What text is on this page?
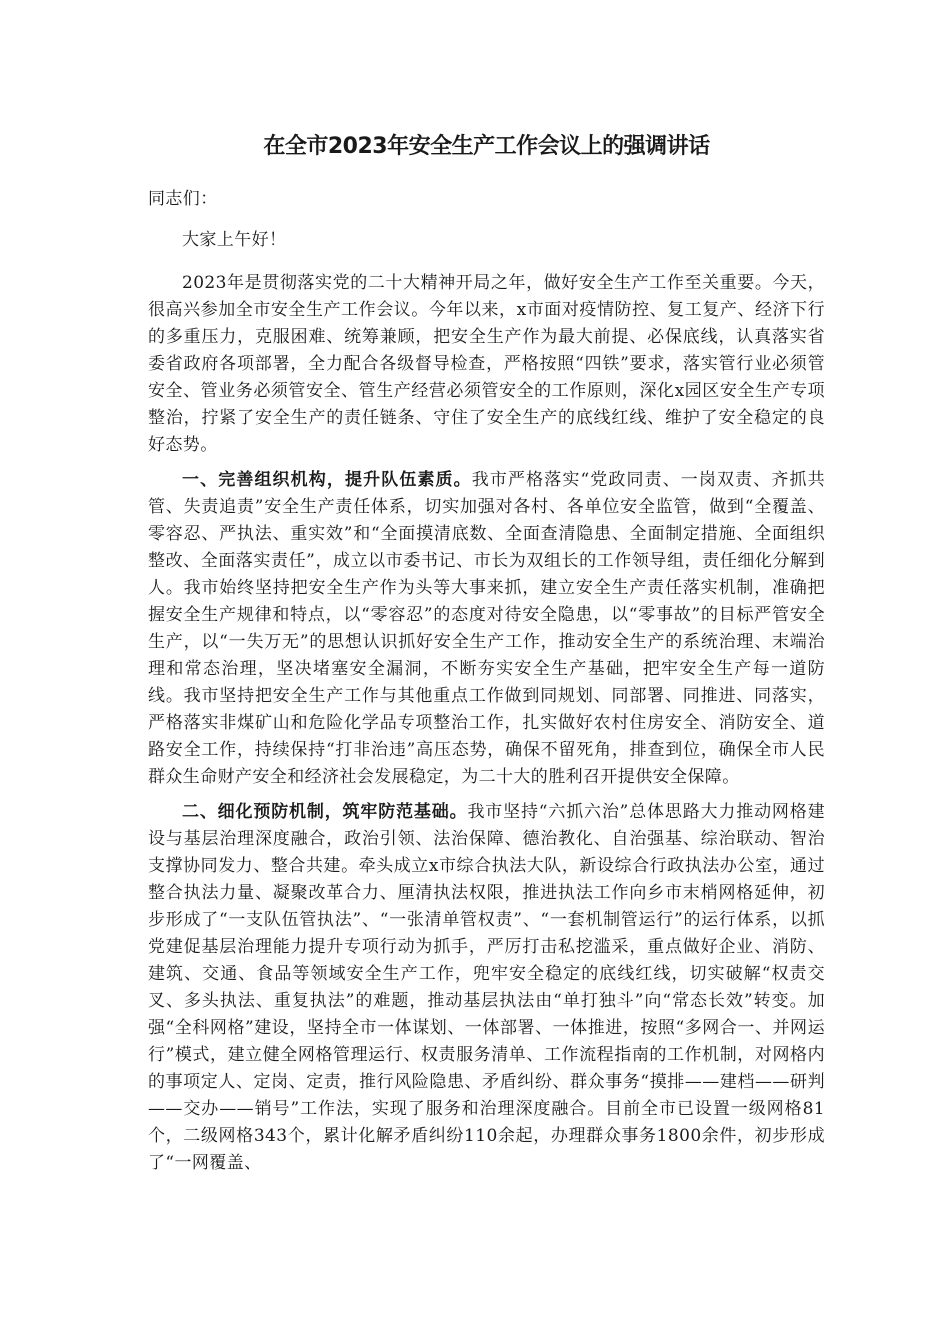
在全市2023年安全生产工作会议上的强调讲话

同志们：

大家上午好！

2023年是贯彻落实党的二十大精神开局之年，做好安全生产工作至关重要。今天，很高兴参加全市安全生产工作会议。今年以来，x市面对疫情防控、复工复产、经济下行的多重压力，克服困难、统筹兼顾，把安全生产作为最大前提、必保底线，认真落实省委省政府各项部署，全力配合各级督导检查，严格按照“四铁”要求，落实管行业必须管安全、管业务必须管安全、管生产经营必须管安全的工作原则，深化x园区安全生产专项整治，拧紧了安全生产的责任链条、守住了安全生产的底线红线、维护了安全稳定的良好态势。

一、完善组织机构，提升队伍素质。我市严格落实“党政同责、一岗双责、齐抓共管、失责追责”安全生产责任体系，切实加强对各村、各单位安全监管，做到“全覆盖、零容忍、严执法、重实效”和“全面摸清底数、全面查清隐患、全面制定措施、全面组织整改、全面落实责任”，成立以市委书记、市长为双组长的工作领导组，责任细化分解到人。我市始终坚持把安全生产作为头等大事来抓，建立安全生产责任落实机制，准确把握安全生产规律和特点，以“零容忍”的态度对待安全隐患，以“零事故”的目标严管安全生产，以“一失万无”的思想认识抓好安全生产工作，推动安全生产的系统治理、末端治理和常态治理，坚决堵塞安全漏洞，不断夯实安全生产基础，把牢安全生产每一道防线。我市坚持把安全生产工作与其他重点工作做到同规划、同部署、同推进、同落实，严格落实非煤矿山和危险化学品专项整治工作，扎实做好农村住房安全、消防安全、道路安全工作，持续保持“打非治违”高压态势，确保不留死角，排查到位，确保全市人民群众生命财产安全和经济社会发展稳定，为二十大的胜利召开提供安全保障。

二、细化预防机制，筑牢防范基础。我市坚持“六抓六治”总体思路大力推动网格建设与基层治理深度融合，政治引领、法治保障、德治教化、自治强基、综治联动、智治支撑协同发力、整合共建。牵头成立x市综合执法大队，新设综合行政执法办公室，通过整合执法力量、凝聚改革合力、厘清执法权限，推进执法工作向乡市末梢网格延伸，初步形成了“一支队伍管执法”、“一张清单管权责”、“一套机制管运行”的运行体系，以抓党建促基层治理能力提升专项行动为抓手，严厉打击私挖滥采，重点做好企业、消防、建筑、交通、食品等领域安全生产工作，兜牢安全稳定的底线红线，切实破解“权责交叉、多头执法、重复执法”的难题，推动基层执法由“单打独斗”向“常态长效”转变。加强“全科网格”建设，坚持全市一体谋划、一体部署、一体推进，按照“多网合一、并网运行”模式，建立健全网格管理运行、权责服务清单、工作流程指南的工作机制，对网格内的事项定人、定岗、定责，推行风险隐患、矛盾纠纷、群众事务“摸排——建档——研判——交办——销号”工作法，实现了服务和治理深度融合。目前全市已设置一级网格81个，二级网格343个，累计化解矛盾纠纷110余起，办理群众事务1800余件，初步形成了“一网覆盖、
